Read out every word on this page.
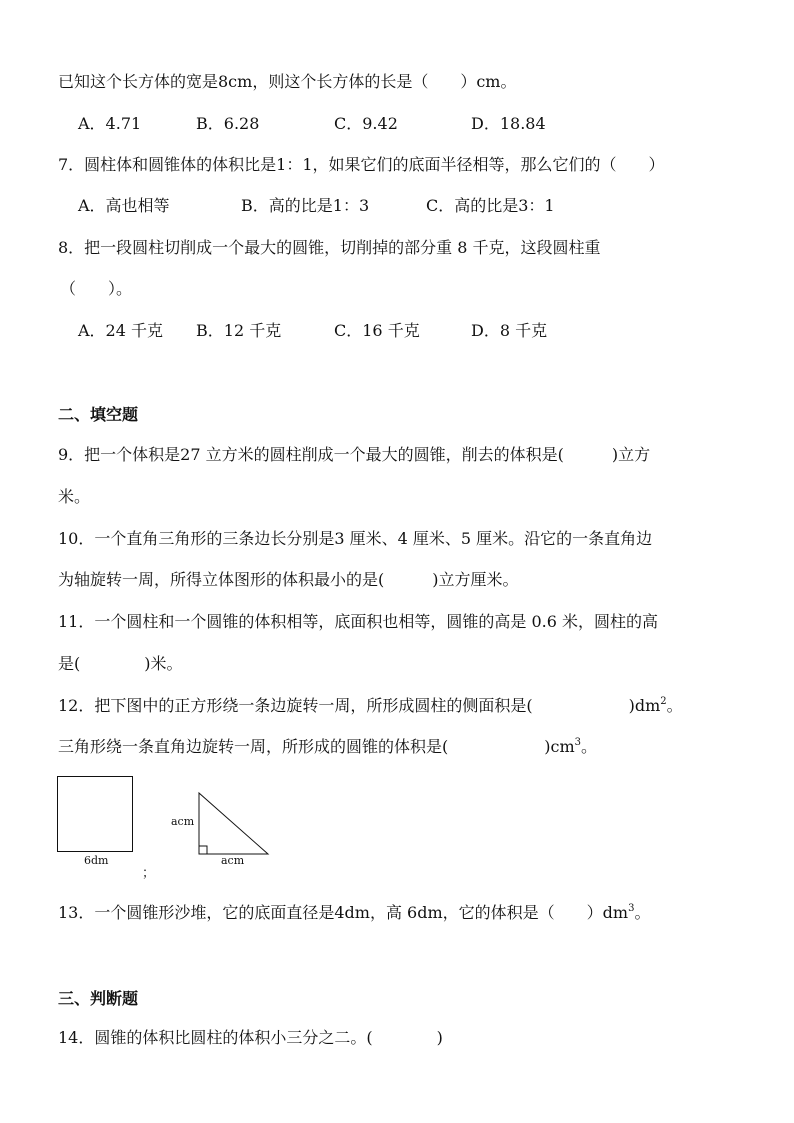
已知这个长方体的宽是8cm，则这个长方体的长是（　　）cm。
A．4.71	B．6.28	C．9.42	D．18.84
7．圆柱体和圆锥体的体积比是1：1，如果它们的底面半径相等，那么它们的（　　）
A．高也相等	B．高的比是1：3	C．高的比是3：1
8．把一段圆柱切削成一个最大的圆锥，切削掉的部分重 8 千克，这段圆柱重
（　　）。
A．24 千克 B．12 千克	C．16 千克	D．8 千克
二、填空题
9．把一个体积是27 立方米的圆柱削成一个最大的圆锥，削去的体积是(　　　)立方
米。
10．一个直角三角形的三条边长分别是3 厘米、4 厘米、5 厘米。沿它的一条直角边
为轴旋转一周，所得立体图形的体积最小的是(　　　)立方厘米。
11．一个圆柱和一个圆锥的体积相等，底面积也相等，圆锥的高是 0.6 米，圆柱的高
是(　　　　)米。
12．把下图中的正方形绕一条边旋转一周，所形成圆柱的侧面积是(　　　　　　)$dm^2$。
三角形绕一条直角边旋转一周，所形成的圆锥的体积是(　　　　　　)$cm^3$。
6dm
；
acm
acm
13．一个圆锥形沙堆，它的底面直径是4dm，高 6dm，它的体积是（　　）$dm^3$。
三、判断题
14．圆锥的体积比圆柱的体积小三分之二。(　　　　)
